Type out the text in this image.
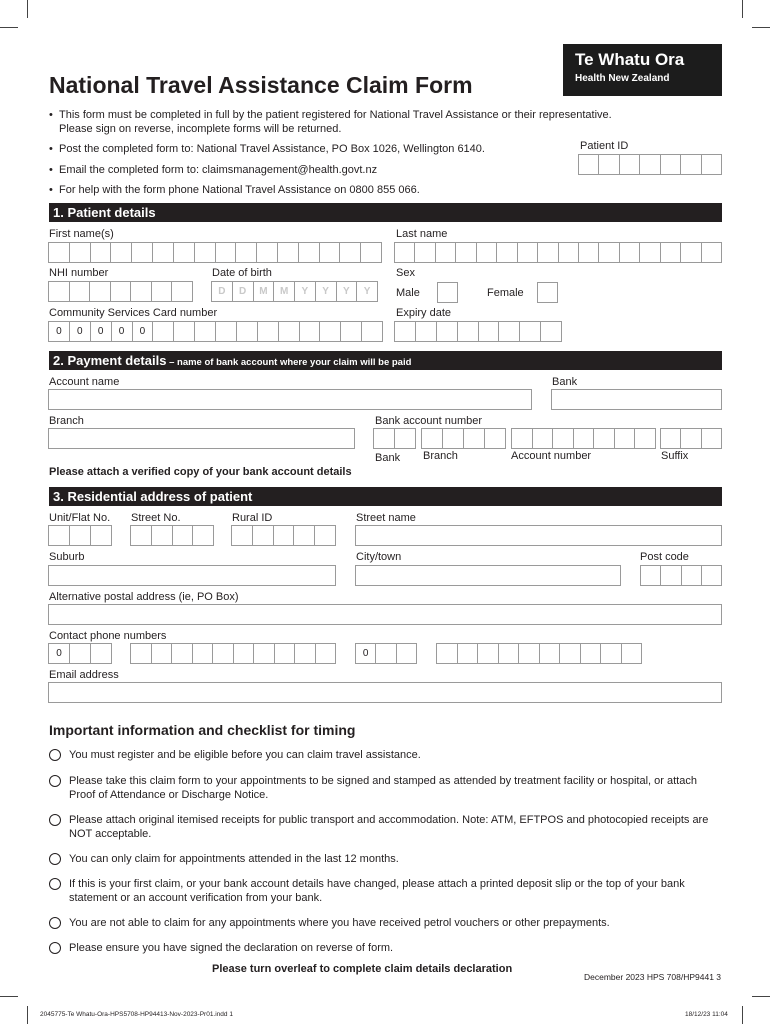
National Travel Assistance Claim Form
Te Whatu Ora
Health New Zealand
• This form must be completed in full by the patient registered for National Travel Assistance or their representative. Please sign on reverse, incomplete forms will be returned.
• Post the completed form to: National Travel Assistance, PO Box 1026, Wellington 6140.
• Email the completed form to: claimsmanagement@health.govt.nz
• For help with the form phone National Travel Assistance on 0800 855 066.
Patient ID
1. Patient details
First name(s)	Last name
NHI number	Date of birth
D	D	M	M	Y	Y	Y	Y
Sex
Male	Female
Community Services Card number
0	0	0	0	0
Expiry date
2. Payment details – name of bank account where your claim will be paid
Account name	Bank
Branch	Bank account number
Bank Branch	Account number	Suffix
Please attach a verified copy of your bank account details
3. Residential address of patient
Unit/Flat No. Street No.	Rural ID	Street name
Suburb	City/town	Post code
Alternative postal address (ie, PO Box)
Contact phone numbers
0	0
Email address
Important information and checklist for timing
You must register and be eligible before you can claim travel assistance.
Please take this claim form to your appointments to be signed and stamped as attended by treatment facility or hospital, or attach Proof of Attendance or Discharge Notice.
Please attach original itemised receipts for public transport and accommodation. Note: ATM, EFTPOS and photocopied receipts are NOT acceptable.
You can only claim for appointments attended in the last 12 months.
If this is your first claim, or your bank account details have changed, please attach a printed deposit slip or the top of your bank statement or an account verification from your bank.
You are not able to claim for any appointments where you have received petrol vouchers or other prepayments.
Please ensure you have signed the declaration on reverse of form.
Please turn overleaf to complete claim details declaration
December 2023 HPS 708/HP9441 3
2045775-Te Whatu-Ora-HPS5708-HP94413-Nov-2023-Pr01.indd 1	18/12/23 11:04
